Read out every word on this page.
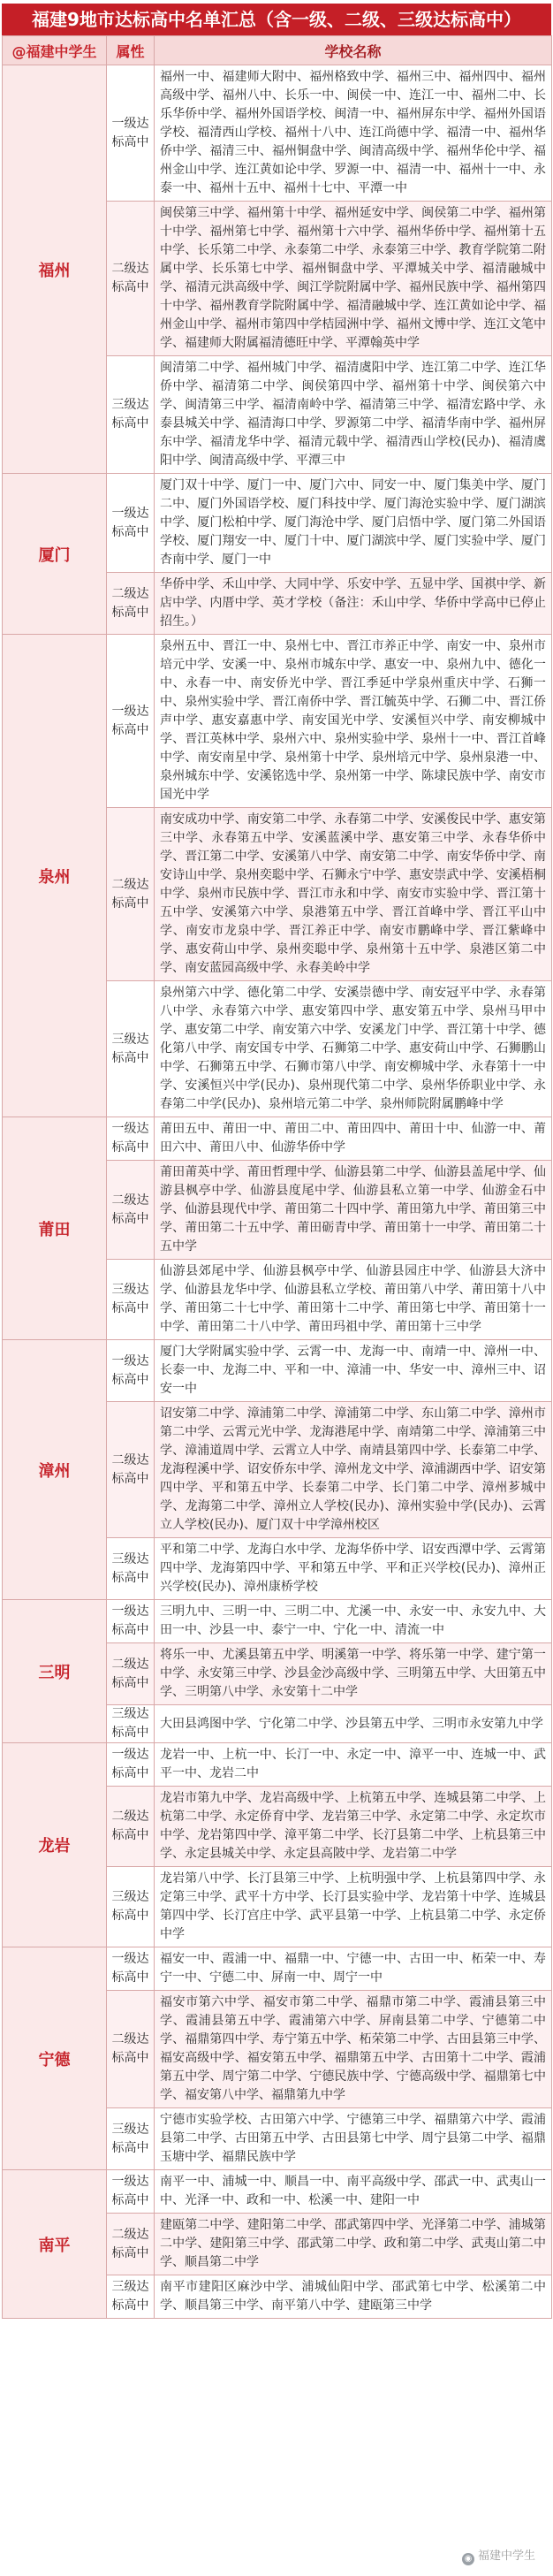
福建9地市达标高中名单汇总（含一级、二级、三级达标高中）
@福建中学生	属性	学校名称
福州	一级达标高中	福州一中、福建师大附中、福州格致中学、福州三中、福州四中、福州高级中学、福州八中、长乐一中、闽侯一中、连江一中、福州二中、长乐华侨中学、福州外国语学校、闽清一中、福州屏东中学、福州外国语学校、福清西山学校、福州十八中、连江尚德中学、福清一中、福州华侨中学、福清三中、福州铜盘中学、闽清高级中学、福州华伦中学、福州金山中学、连江黄如论中学、罗源一中、福清一中、福州十一中、永泰一中、福州十五中、福州十七中、平潭一中
	二级达标高中	闽侯第三中学、福州第十中学、福州延安中学、闽侯第二中学、福州第十中学、福州第七中学、福州第十六中学、福州华侨中学、福州第十五中学、长乐第二中学、永泰第二中学、永泰第三中学、教育学院第二附属中学、长乐第七中学、福州铜盘中学、平潭城关中学、福清融城中学、福清元洪高级中学、闽江学院附属中学、福州民族中学、福州第四十中学、福州教育学院附属中学、福清融城中学、连江黄如论中学、福州金山中学、福州市第四中学桔园洲中学、福州文博中学、连江文笔中学、福建师大附属福清德旺中学、平潭翰英中学
	三级达标高中	闽清第二中学、福州城门中学、福清虞阳中学、连江第二中学、连江华侨中学、福清第二中学、闽侯第四中学、福州第十中学、闽侯第六中学、闽清第三中学、福清南岭中学、福清第三中学、福清宏路中学、永泰县城关中学、福清海口中学、罗源第二中学、福清华南中学、福州屏东中学、福清龙华中学、福清元载中学、福清西山学校(民办)、福清虞阳中学、闽清高级中学、平潭三中
厦门	一级达标高中	厦门双十中学、厦门一中、厦门六中、同安一中、厦门集美中学、厦门二中、厦门外国语学校、厦门科技中学、厦门海沧实验中学、厦门湖滨中学、厦门松柏中学、厦门海沧中学、厦门启悟中学、厦门第二外国语学校、厦门翔安一中、厦门十中、厦门湖滨中学、厦门实验中学、厦门杏南中学、厦门一中
	二级达标高中	华侨中学、禾山中学、大同中学、乐安中学、五显中学、国祺中学、新店中学、内厝中学、英才学校（备注：禾山中学、华侨中学高中已停止招生。）
泉州	一级达标高中	泉州五中、晋江一中、泉州七中、晋江市养正中学、南安一中、泉州市培元中学、安溪一中、泉州市城东中学、惠安一中、泉州九中、德化一中、永春一中、南安侨光中学、晋江季延中学泉州重庆中学、石狮一中、泉州实验中学、晋江南侨中学、晋江毓英中学、石狮二中、晋江侨声中学、惠安嘉惠中学、南安国光中学、安溪恒兴中学、南安柳城中学、晋江英林中学、泉州六中、泉州实验中学、泉州十一中、晋江首峰中学、南安南星中学、泉州第十中学、泉州培元中学、泉州泉港一中、泉州城东中学、安溪铭选中学、泉州第一中学、陈埭民族中学、南安市国光中学
	二级达标高中	南安成功中学、南安第二中学、永春第二中学、安溪俊民中学、惠安第三中学、永春第五中学、安溪蓝溪中学、惠安第三中学、永春华侨中学、晋江第二中学、安溪第八中学、南安第二中学、南安华侨中学、南安诗山中学、泉州奕聪中学、石狮永宁中学、惠安崇武中学、安溪梧桐中学、泉州市民族中学、晋江市永和中学、南安市实验中学、晋江第十五中学、安溪第六中学、泉港第五中学、晋江首峰中学、晋江平山中学、南安市龙泉中学、晋江养正中学、南安市鹏峰中学、晋江紫峰中学、惠安荷山中学、泉州奕聪中学、泉州第十五中学、泉港区第二中学、南安蓝园高级中学、永春美岭中学
	三级达标高中	泉州第六中学、德化第二中学、安溪崇德中学、南安冠平中学、永春第八中学、永春第六中学、惠安第四中学、惠安第五中学、泉州马甲中学、惠安第二中学、南安第六中学、安溪龙门中学、晋江第十中学、德化第八中学、南安国专中学、石狮第二中学、惠安荷山中学、石狮鹏山中学、石狮第五中学、石狮市第八中学、南安柳城中学、永春第十一中学、安溪恒兴中学(民办)、泉州现代第二中学、泉州华侨职业中学、永春第二中学(民办)、泉州培元第二中学、泉州师院附属鹏峰中学
莆田	一级达标高中	莆田五中、莆田一中、莆田二中、莆田四中、莆田十中、仙游一中、莆田六中、莆田八中、仙游华侨中学
	二级达标高中	莆田莆英中学、莆田哲理中学、仙游县第二中学、仙游县盖尾中学、仙游县枫亭中学、仙游县度尾中学、仙游县私立第一中学、仙游金石中学、仙游县现代中学、莆田第二十四中学、莆田第九中学、莆田第三中学、莆田第二十五中学、莆田砺青中学、莆田第十一中学、莆田第二十五中学
	三级达标高中	仙游县郊尾中学、仙游县枫亭中学、仙游县园庄中学、仙游县大济中学、仙游县龙华中学、仙游县私立学校、莆田第八中学、莆田第十八中学、莆田第二十七中学、莆田第十二中学、莆田第七中学、莆田第十一中学、莆田第二十八中学、莆田玛祖中学、莆田第十三中学
漳州	一级达标高中	厦门大学附属实验中学、云霄一中、龙海一中、南靖一中、漳州一中、长泰一中、龙海二中、平和一中、漳浦一中、华安一中、漳州三中、诏安一中
	二级达标高中	诏安第二中学、漳浦第二中学、漳浦第二中学、东山第二中学、漳州市第二中学、云霄元光中学、龙海港尾中学、南靖第二中学、漳浦第三中学、漳浦道周中学、云霄立人中学、南靖县第四中学、长泰第二中学、龙海程溪中学、诏安侨东中学、漳州龙文中学、漳浦湖西中学、诏安第四中学、平和第五中学、长泰第二中学、长门第二中学、漳州芗城中学、龙海第二中学、漳州立人学校(民办)、漳州实验中学(民办)、云霄立人学校(民办)、厦门双十中学漳州校区
	三级达标高中	平和第二中学、龙海白水中学、龙海华侨中学、诏安西潭中学、云霄第四中学、龙海第四中学、平和第五中学、平和正兴学校(民办)、漳州正兴学校(民办)、漳州康桥学校
三明	一级达标高中	三明九中、三明一中、三明二中、尤溪一中、永安一中、永安九中、大田一中、沙县一中、泰宁一中、宁化一中、清流一中
	二级达标高中	将乐一中、尤溪县第五中学、明溪第一中学、将乐第一中学、建宁第一中学、永安第三中学、沙县金沙高级中学、三明第五中学、大田第五中学、三明第八中学、永安第十二中学
	三级达标高中	大田县鸿图中学、宁化第二中学、沙县第五中学、三明市永安第九中学
龙岩	一级达标高中	龙岩一中、上杭一中、长汀一中、永定一中、漳平一中、连城一中、武平一中、龙岩二中
	二级达标高中	龙岩市第九中学、龙岩高级中学、上杭第五中学、连城县第二中学、上杭第二中学、永定侨育中学、龙岩第三中学、永定第二中学、永定坎市中学、龙岩第四中学、漳平第二中学、长汀县第二中学、上杭县第三中学、永定县城关中学、永定县高陂中学、龙岩第二中学
	三级达标高中	龙岩第八中学、长汀县第三中学、上杭明强中学、上杭县第四中学、永定第三中学、武平十方中学、长汀县实验中学、龙岩第十中学、连城县第四中学、长汀宫庄中学、武平县第一中学、上杭县第二中学、永定侨中学
宁德	一级达标高中	福安一中、霞浦一中、福鼎一中、宁德一中、古田一中、柘荣一中、寿宁一中、宁德二中、屏南一中、周宁一中
	二级达标高中	福安市第六中学、福安市第二中学、福鼎市第二中学、霞浦县第三中学、霞浦县第五中学、霞浦第六中学、屏南县第二中学、宁德第二中学、福鼎第四中学、寿宁第五中学、柘荣第二中学、古田县第三中学、福安高级中学、福安第五中学、福鼎第五中学、古田第十二中学、霞浦第五中学、周宁第二中学、宁德民族中学、宁德高级中学、福鼎第七中学、福安第八中学、福鼎第九中学
	三级达标高中	宁德市实验学校、古田第六中学、宁德第三中学、福鼎第六中学、霞浦县第二中学、古田第五中学、古田县第七中学、周宁县第二中学、福鼎玉塘中学、福鼎民族中学
南平	一级达标高中	南平一中、浦城一中、顺昌一中、南平高级中学、邵武一中、武夷山一中、光泽一中、政和一中、松溪一中、建阳一中
	二级达标高中	建瓯第二中学、建阳第二中学、邵武第四中学、光泽第二中学、浦城第二中学、建阳第三中学、邵武第二中学、政和第二中学、武夷山第二中学、顺昌第二中学
	三级达标高中	南平市建阳区麻沙中学、浦城仙阳中学、邵武第七中学、松溪第二中学、顺昌第三中学、南平第八中学、建瓯第三中学
◉ 福建中学生
